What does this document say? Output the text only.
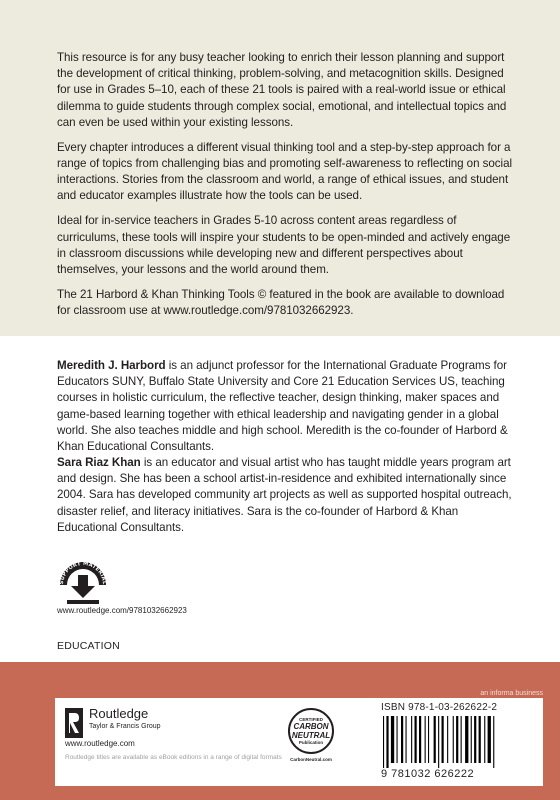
This resource is for any busy teacher looking to enrich their lesson planning and support the development of critical thinking, problem-solving, and metacognition skills. Designed for use in Grades 5–10, each of these 21 tools is paired with a real-world issue or ethical dilemma to guide students through complex social, emotional, and intellectual topics and can even be used within your existing lessons.

Every chapter introduces a different visual thinking tool and a step-by-step approach for a range of topics from challenging bias and promoting self-awareness to reflecting on social interactions. Stories from the classroom and world, a range of ethical issues, and student and educator examples illustrate how the tools can be used.

Ideal for in-service teachers in Grades 5-10 across content areas regardless of curriculums, these tools will inspire your students to be open-minded and actively engage in classroom discussions while developing new and different perspectives about themselves, your lessons and the world around them.

The 21 Harbord & Khan Thinking Tools © featured in the book are available to download for classroom use at www.routledge.com/9781032662923.

Meredith J. Harbord is an adjunct professor for the International Graduate Programs for Educators SUNY, Buffalo State University and Core 21 Education Services US, teaching courses in holistic curriculum, the reflective teacher, design thinking, maker spaces and game-based learning together with ethical leadership and navigating gender in a global world. She also teaches middle and high school. Meredith is the co-founder of Harbord & Khan Educational Consultants.

Sara Riaz Khan is an educator and visual artist who has taught middle years program art and design. She has been a school artist-in-residence and exhibited internationally since 2004. Sara has developed community art projects as well as supported hospital outreach, disaster relief, and literacy initiatives. Sara is the co-founder of Harbord & Khan Educational Consultants.

SUPPORT MATERIAL
www.routledge.com/9781032662923
EDUCATION
an informa business
Routledge
Taylor & Francis Group
www.routledge.com
Routledge titles are available as eBook editions in a range of digital formats
CERTIFIED
CARBON
NEUTRAL
Publication
CarbonNeutral.com
ISBN 978-1-03-262622-2
9 781032 626222
